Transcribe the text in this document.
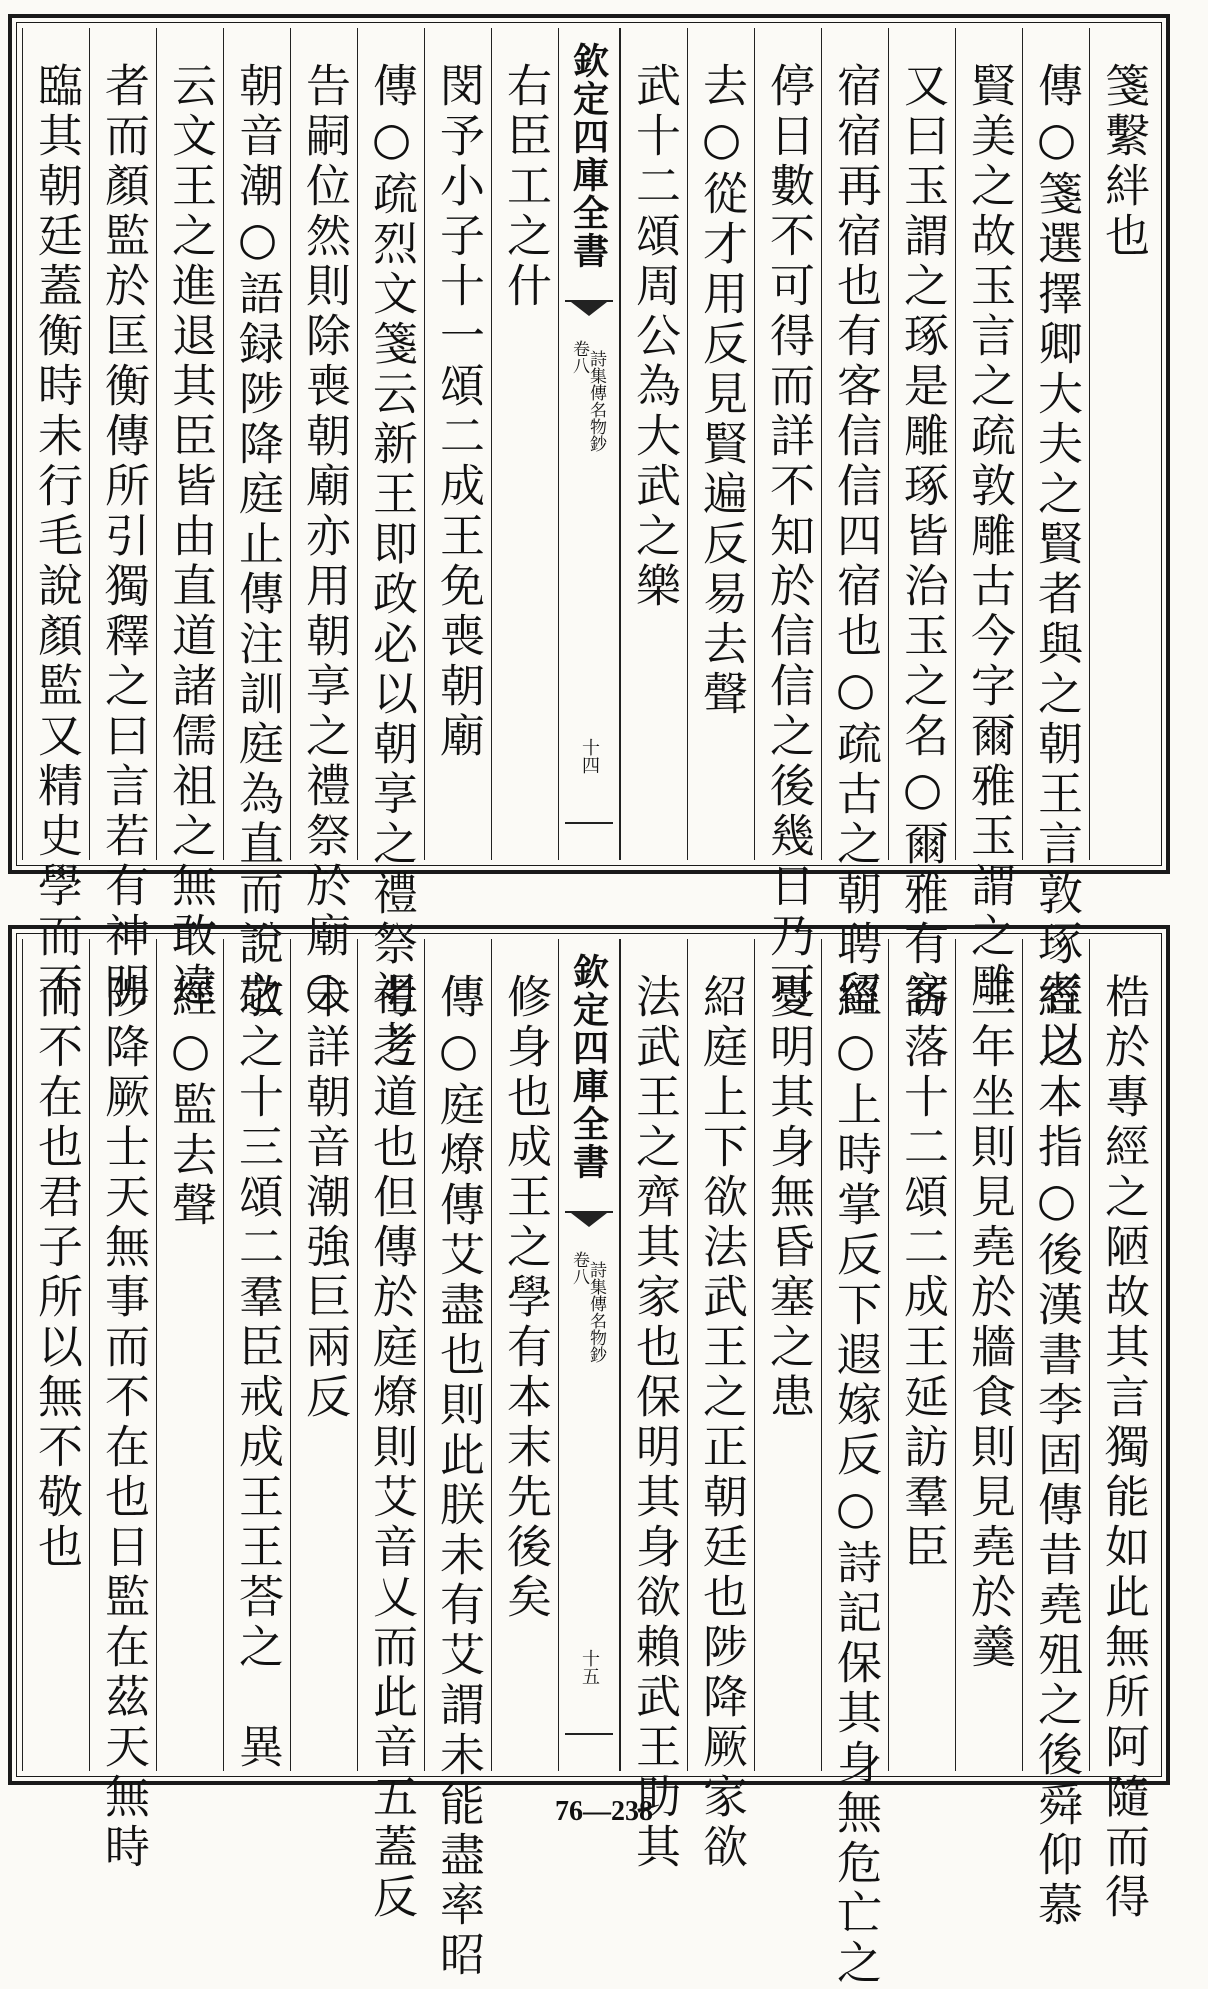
箋繫絆也
傳○箋選擇卿大夫之賢者與之朝王言敦琢者以
賢美之故玉言之疏敦雕古今字爾雅玉謂之雕
又曰玉謂之琢是雕琢皆治玉之名○爾雅有客
宿宿再宿也有客信信四宿也○疏古之朝聘留
停日數不可得而詳不知於信信之後幾日乃可
去○從才用反見賢遍反易去聲
武十二頌周公為大武之樂
欽定四庫全書
詩集傳名物鈔
卷八
十四
右臣工之什
閔予小子十一頌二成王免喪朝廟
傳○疏烈文箋云新王即政必以朝享之禮祭祖考
告嗣位然則除喪朝廟亦用朝享之禮祭於廟○
朝音潮○語録陟降庭止傳注訓庭為直而說之
云文王之進退其臣皆由直道諸儒祖之無敢違
者而顏監於匡衡傳所引獨釋之曰言若有神明
臨其朝廷蓋衡時未行毛說顏監又精史學而不
梏於專經之陋故其言獨能如此無所阿隨而得
經之本指○後漢書李固傳昔堯殂之後舜仰慕
三年坐則見堯於牆食則見堯於羹
訪落十二頌二成王延訪羣臣
經○上時掌反下遐嫁反○詩記保其身無危亡之
憂明其身無昏塞之患
紹庭上下欲法武王之正朝廷也陟降厥家欲
法武王之齊其家也保明其身欲賴武王助其
欽定四庫全書
詩集傳名物鈔
卷八
十五
修身也成王之學有本末先後矣
傳○庭燎傳艾盡也則此朕未有艾謂未能盡率昭
考之道也但傳於庭燎則艾音乂而此音五蓋反
未詳朝音潮強巨兩反
敬之十三頌二羣臣戒成王王荅之　異
經○監去聲
陟降厥士天無事而不在也日監在茲天無時
而不在也君子所以無不敬也
76—238
